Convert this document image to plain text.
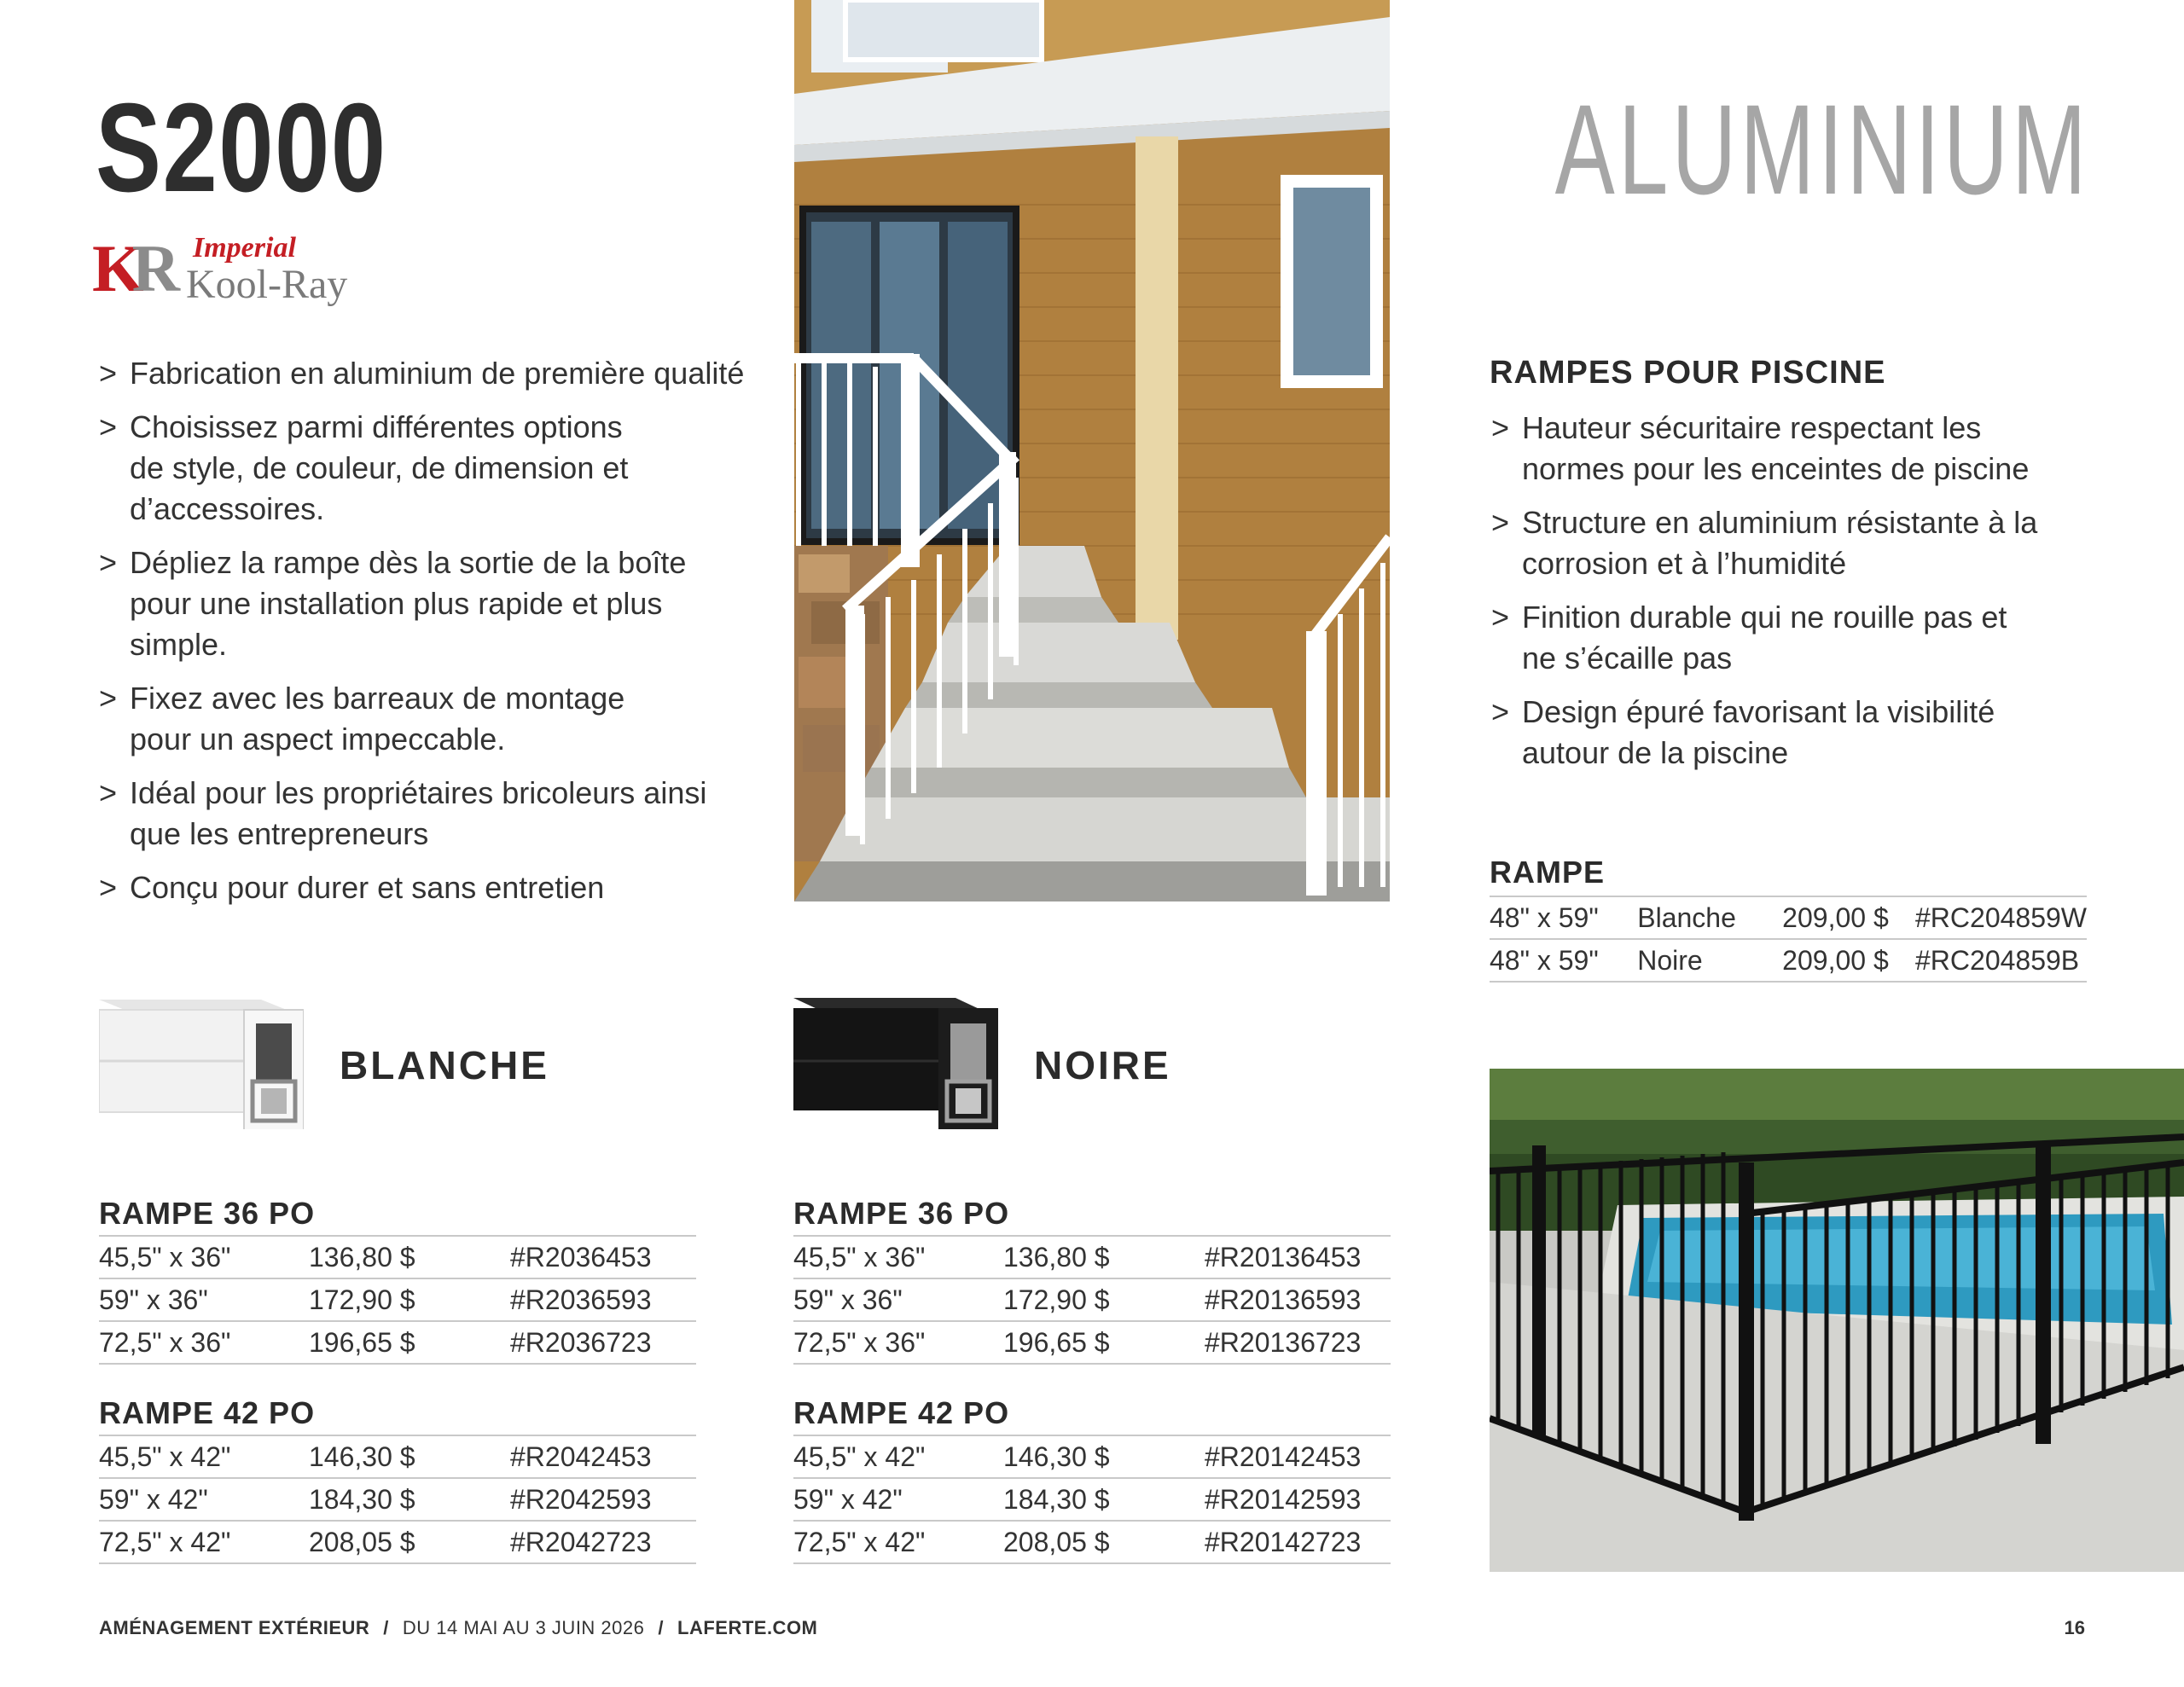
S2000	ALUMINIUM
KR Imperial
Kool-Ray
> Fabrication en aluminium de première qualité
> Choisissez parmi différentes options de style, de couleur, de dimension et d’accessoires.
> Dépliez la rampe dès la sortie de la boîte pour une installation plus rapide et plus simple.
> Fixez avec les barreaux de montage pour un aspect impeccable.
> Idéal pour les propriétaires bricoleurs ainsi que les entrepreneurs
> Conçu pour durer et sans entretien
RAMPES POUR PISCINE
> Hauteur sécuritaire respectant les normes pour les enceintes de piscine
> Structure en aluminium résistante à la corrosion et à l’humidité
> Finition durable qui ne rouille pas et ne s’écaille pas
> Design épuré favorisant la visibilité autour de la piscine
RAMPE
48" x 59"	Blanche	209,00 $	#RC204859W
48" x 59"	Noire	209,00 $	#RC204859B
BLANCHE	NOIRE
RAMPE 36 PO
45,5" x 36"	136,80 $	#R2036453
59" x 36"	172,90 $	#R2036593
72,5" x 36"	196,65 $	#R2036723
RAMPE 42 PO
45,5" x 42"	146,30 $	#R2042453
59" x 42"	184,30 $	#R2042593
72,5" x 42"	208,05 $	#R2042723
RAMPE 36 PO
45,5" x 36"	136,80 $	#R20136453
59" x 36"	172,90 $	#R20136593
72,5" x 36"	196,65 $	#R20136723
RAMPE 42 PO
45,5" x 42"	146,30 $	#R20142453
59" x 42"	184,30 $	#R20142593
72,5" x 42"	208,05 $	#R20142723
AMÉNAGEMENT EXTÉRIEUR / DU 14 MAI AU 3 JUIN 2026 / LAFERTE.COM	16
